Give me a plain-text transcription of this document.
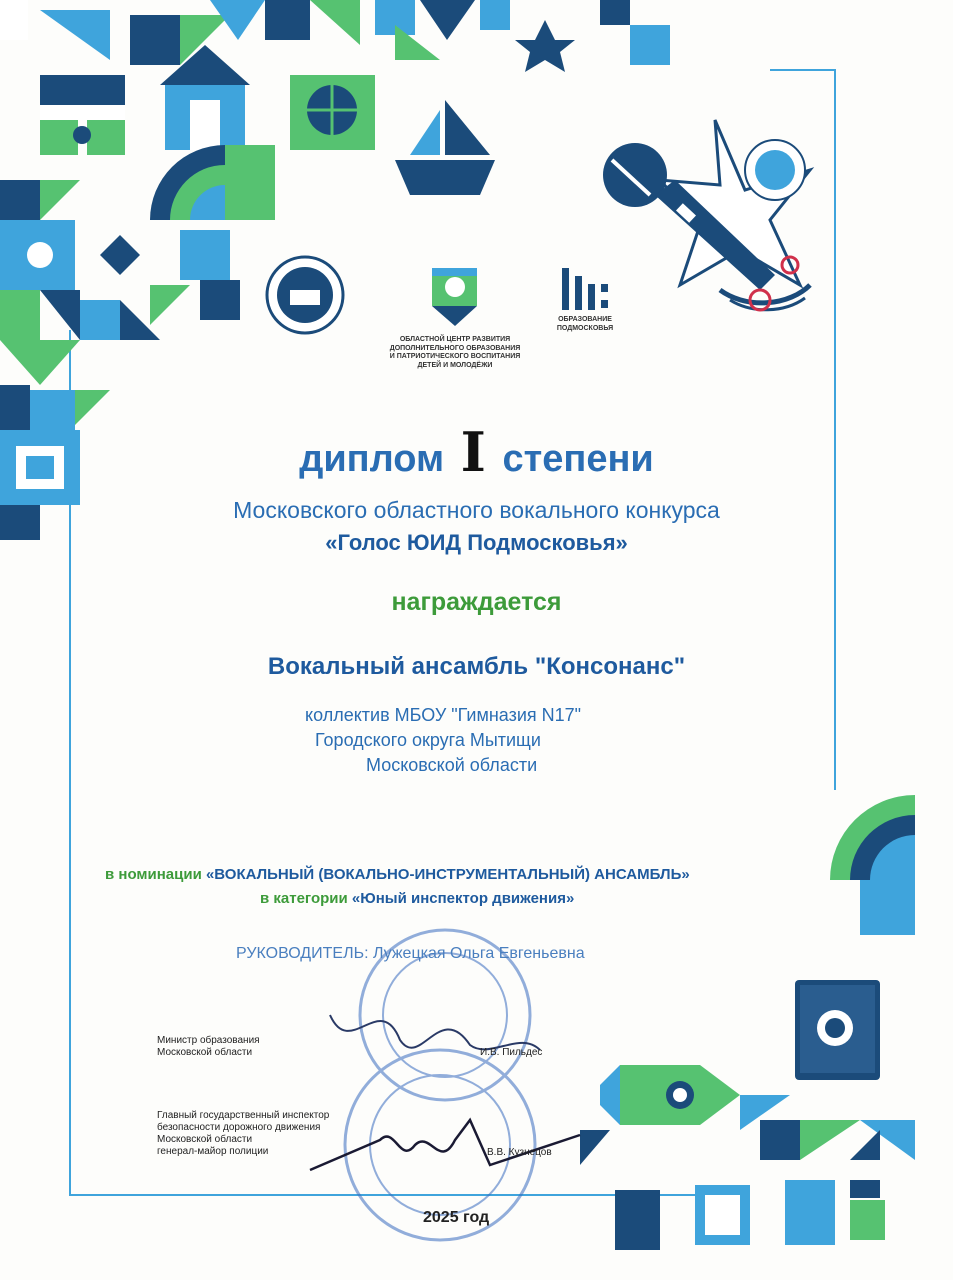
ОБЛАСТНОЙ ЦЕНТР РАЗВИТИЯ
ДОПОЛНИТЕЛЬНОГО ОБРАЗОВАНИЯ
И ПАТРИОТИЧЕСКОГО ВОСПИТАНИЯ
ДЕТЕЙ И МОЛОДЁЖИ
ОБРАЗОВАНИЕ ПОДМОСКОВЬЯ
диплом I степени
Московского областного вокального конкурса
«Голос ЮИД Подмосковья»
награждается
Вокальный ансамбль "Консонанс"
коллектив МБОУ "Гимназия N17"
Городского округа Мытищи
Московской области
в номинации «ВОКАЛЬНЫЙ (ВОКАЛЬНО-ИНСТРУМЕНТАЛЬНЫЙ) АНСАМБЛЬ»
в категории «Юный инспектор движения»
РУКОВОДИТЕЛЬ: Лужецкая Ольга Евгеньевна
Министр образования
Московской области	И.В. Пильдес
Главный государственный инспектор
безопасности дорожного движения
Московской области
генерал-майор полиции	В.В. Кузнецов
2025 год
